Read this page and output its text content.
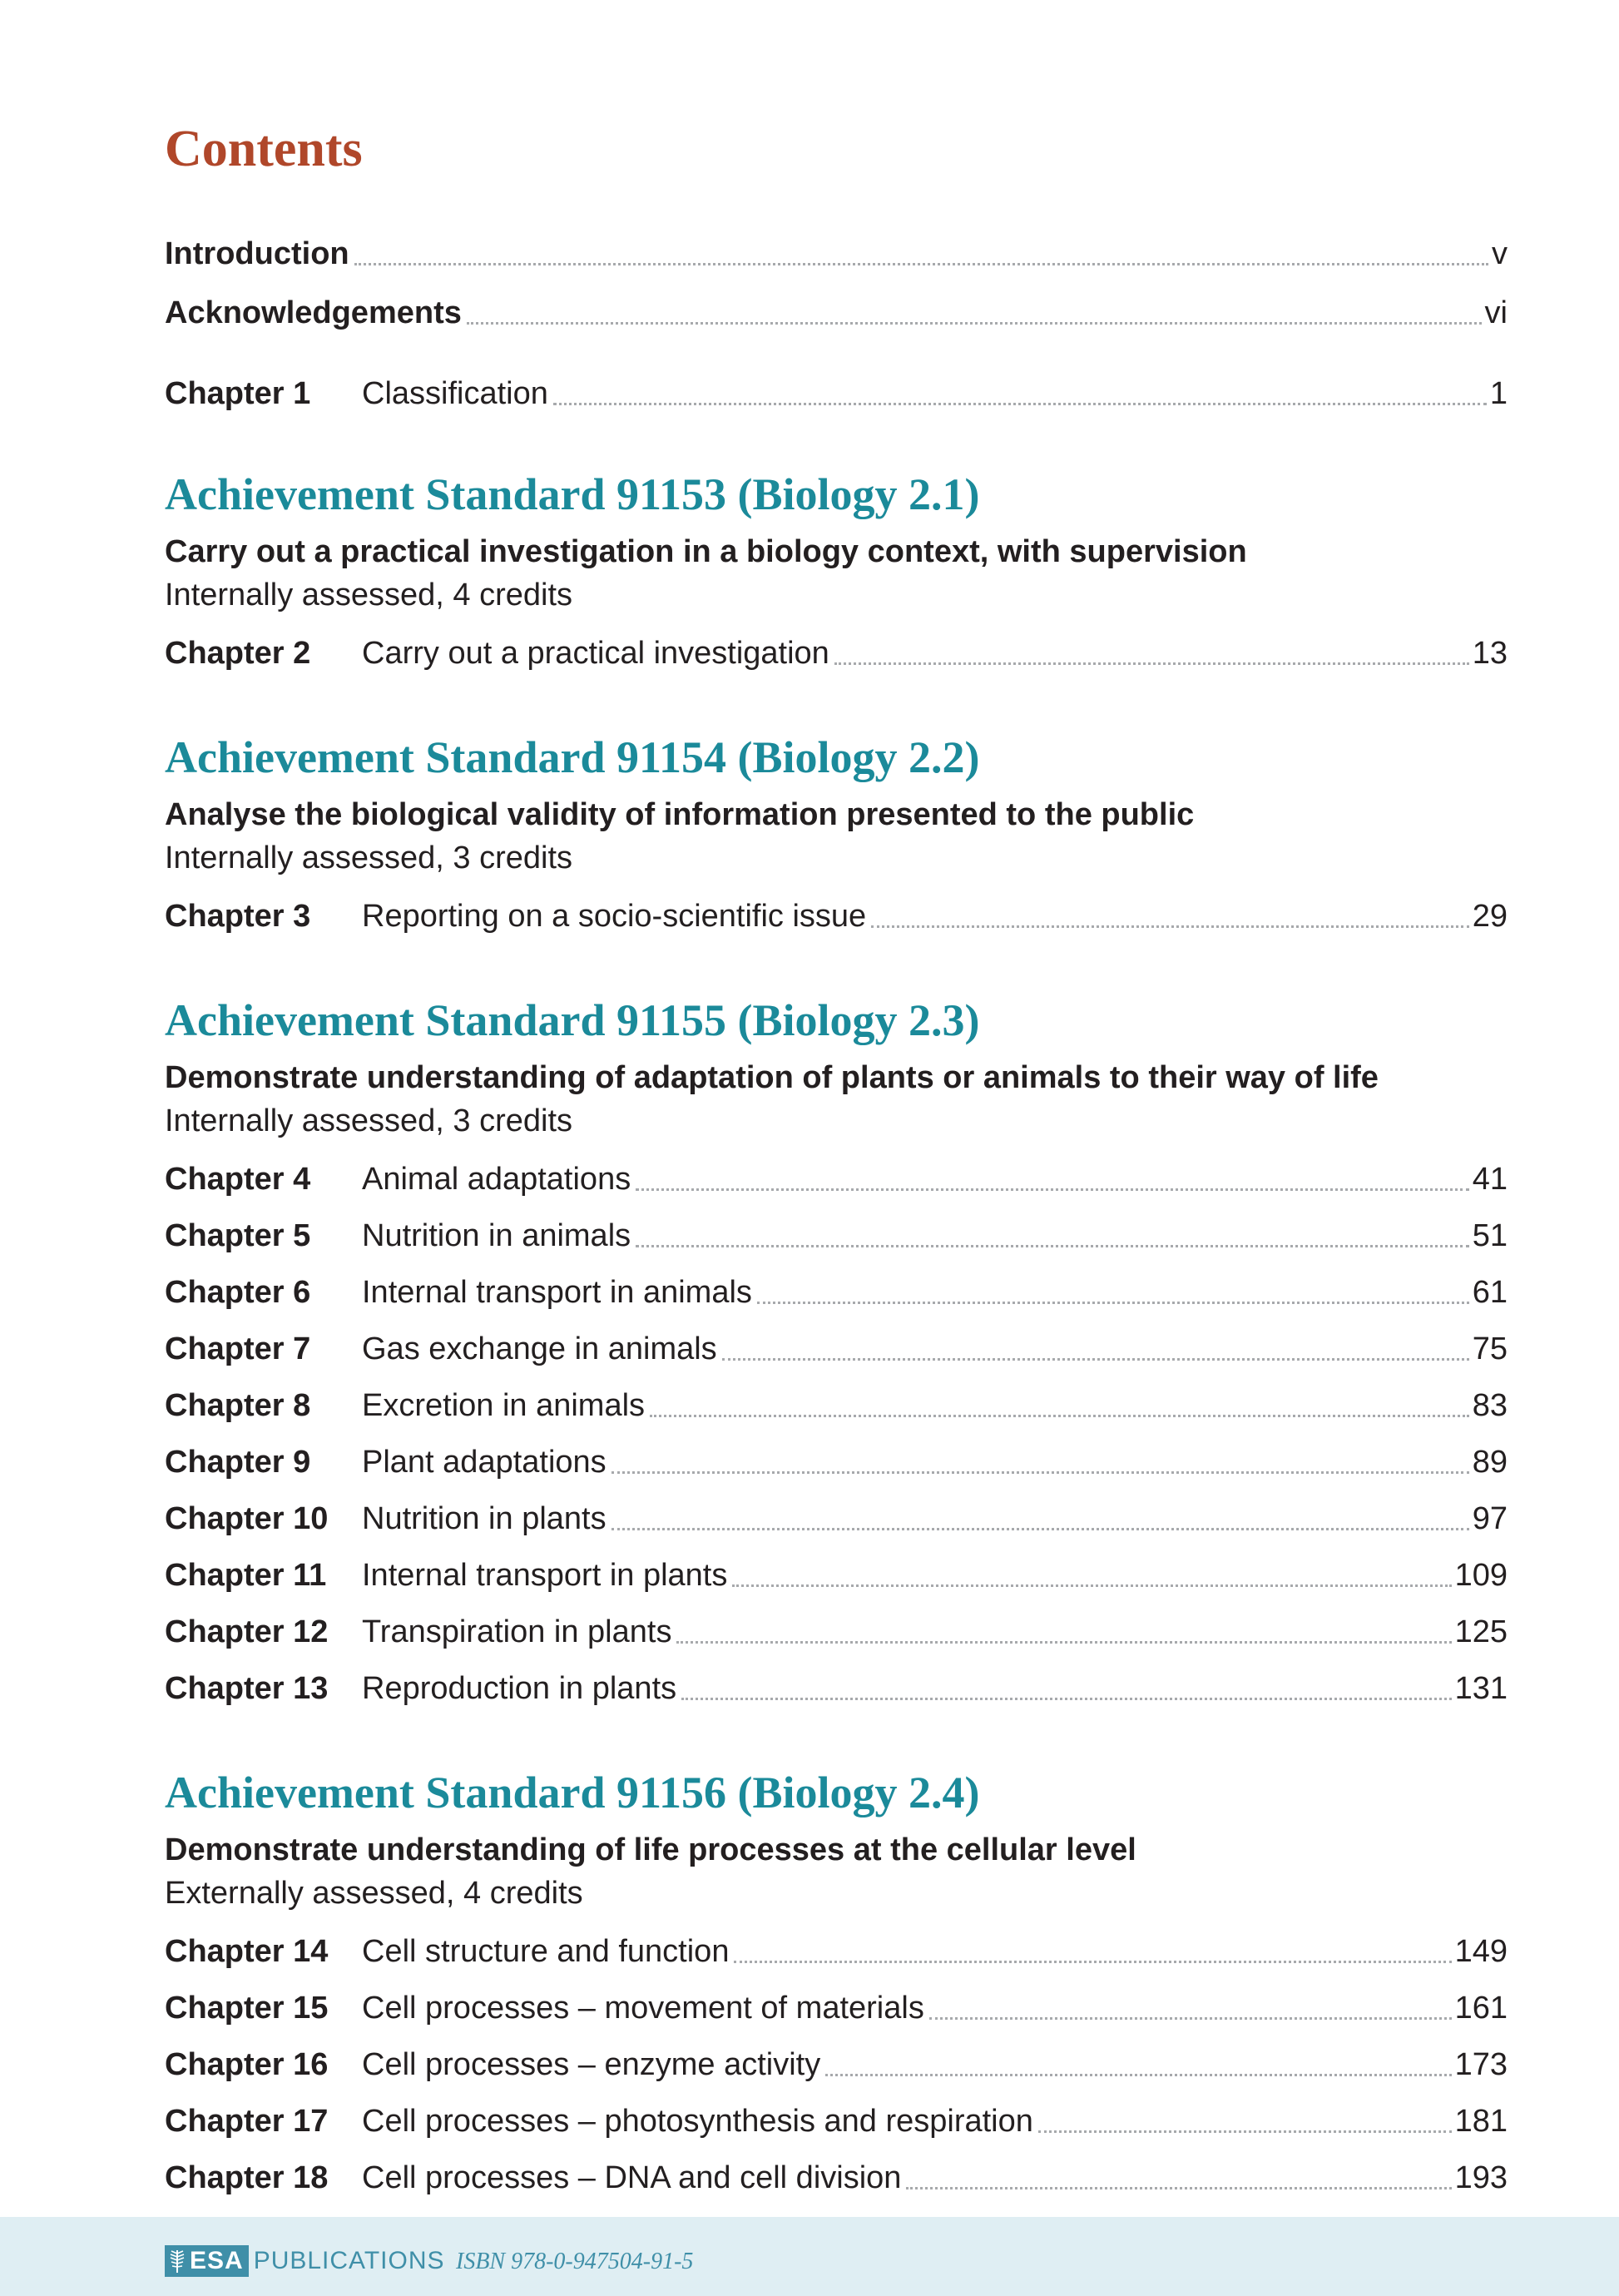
Contents
Introduction	v
Acknowledgements	vi
Chapter 1	Classification	1
Achievement Standard 91153 (Biology 2.1)
Carry out a practical investigation in a biology context, with supervision
Internally assessed, 4 credits
Chapter 2	Carry out a practical investigation	13
Achievement Standard 91154 (Biology 2.2)
Analyse the biological validity of information presented to the public
Internally assessed, 3 credits
Chapter 3	Reporting on a socio-scientific issue	29
Achievement Standard 91155 (Biology 2.3)
Demonstrate understanding of adaptation of plants or animals to their way of life
Internally assessed, 3 credits
Chapter 4	Animal adaptations	41
Chapter 5	Nutrition in animals	51
Chapter 6	Internal transport in animals	61
Chapter 7	Gas exchange in animals	75
Chapter 8	Excretion in animals	83
Chapter 9	Plant adaptations	89
Chapter 10	Nutrition in plants	97
Chapter 11	Internal transport in plants	109
Chapter 12	Transpiration in plants	125
Chapter 13	Reproduction in plants	131
Achievement Standard 91156 (Biology 2.4)
Demonstrate understanding of life processes at the cellular level
Externally assessed, 4 credits
Chapter 14	Cell structure and function	149
Chapter 15	Cell processes – movement of materials	161
Chapter 16	Cell processes – enzyme activity	173
Chapter 17	Cell processes – photosynthesis and respiration	181
Chapter 18	Cell processes – DNA and cell division	193
ESA PUBLICATIONS ISBN 978-0-947504-91-5
